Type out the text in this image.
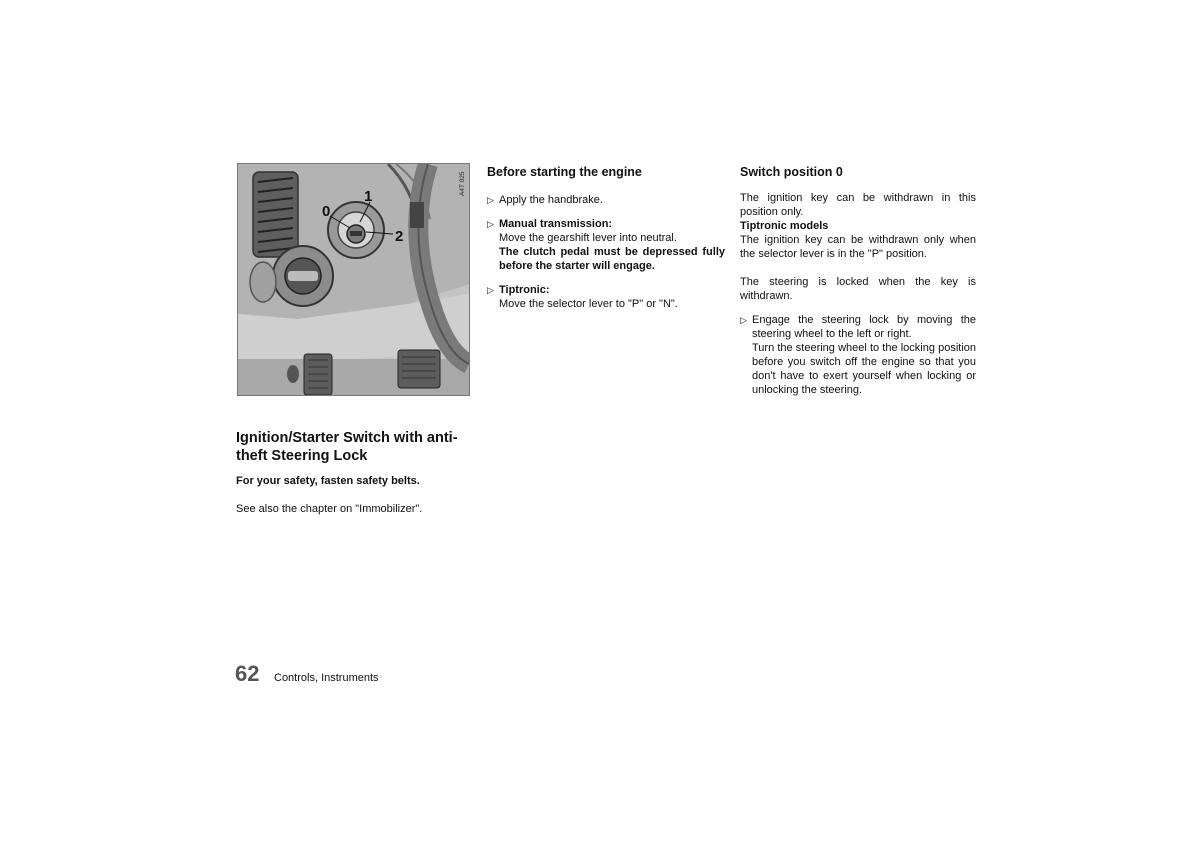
0
1
2
A4T 025
Ignition/Starter Switch with anti-theft Steering Lock
For your safety, fasten safety belts.
See also the chapter on "Immobilizer".
Before starting the engine
▷ Apply the handbrake.
▷ Manual transmission:
Move the gearshift lever into neutral.
The clutch pedal must be depressed fully before the starter will engage.
▷ Tiptronic:
Move the selector lever to "P" or "N".
Switch position 0

The ignition key can be withdrawn in this position only.

Tiptronic models

The ignition key can be withdrawn only when the selector lever is in the "P" position.

The steering is locked when the key is withdrawn.

▷ Engage the steering lock by moving the steering wheel to the left or right.
Turn the steering wheel to the locking position before you switch off the engine so that you don't have to exert yourself when locking or unlocking the steering.
62 Controls, Instruments
